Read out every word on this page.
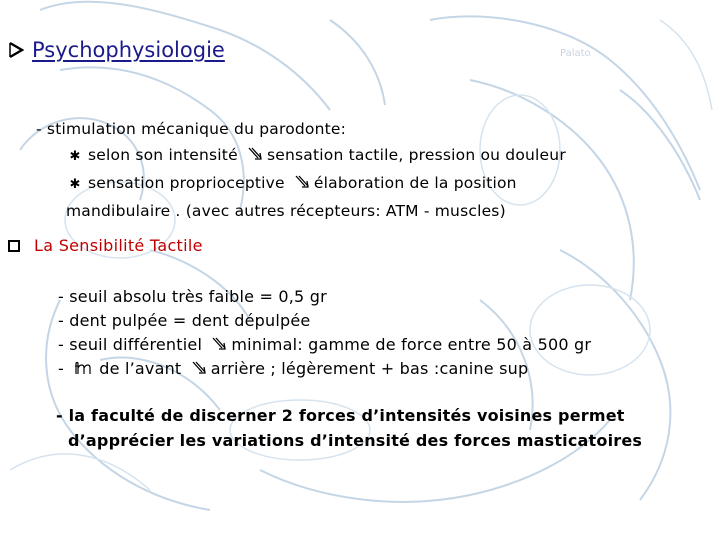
Palato
Psychophysiologie
- stimulation mécanique du parodonte:
✱ selon son intensité sensation tactile, pression ou douleur
✱ sensation proprioceptive élaboration de la position
mandibulaire . (avec autres récepteurs: ATM - muscles)
La Sensibilité Tactile
- seuil absolu très faible = 0,5 gr
- dent pulpée = dent dépulpée
- seuil différentiel minimal: gamme de force entre 50 à 500 gr
- de l’avant arrière ; légèrement + bas :canine sup
- la faculté de discerner 2 forces d’intensités voisines permet
d’apprécier les variations d’intensité des forces masticatoires
